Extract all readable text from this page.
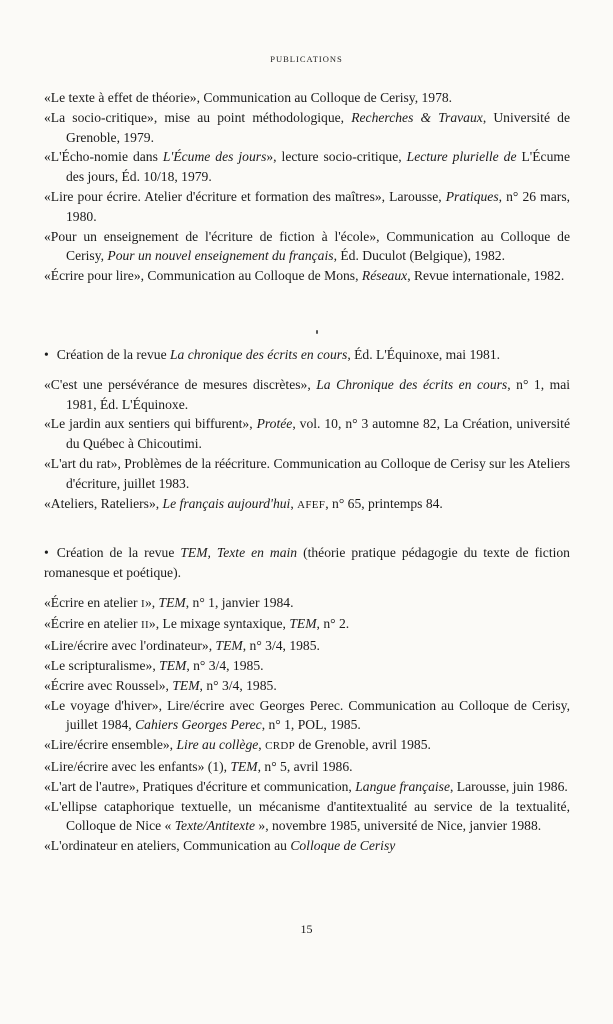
PUBLICATIONS

«Le texte à effet de théorie», Communication au Colloque de Cerisy, 1978.

«La socio-critique», mise au point méthodologique, Recherches & Travaux, Université de Grenoble, 1979.

«L'Écho-nomie dans L'Écume des jours», lecture socio-critique, Lecture plurielle de L'Écume des jours, Éd. 10/18, 1979.

«Lire pour écrire. Atelier d'écriture et formation des maîtres», Larousse, Pratiques, n° 26 mars, 1980.

«Pour un enseignement de l'écriture de fiction à l'école», Communication au Colloque de Cerisy, Pour un nouvel enseignement du français, Éd. Duculot (Belgique), 1982.

«Écrire pour lire», Communication au Colloque de Mons, Réseaux, Revue internationale, 1982.

• Création de la revue La chronique des écrits en cours, Éd. L'Équinoxe, mai 1981.

«C'est une persévérance de mesures discrètes», La Chronique des écrits en cours, n° 1, mai 1981, Éd. L'Équinoxe.

«Le jardin aux sentiers qui biffurent», Protée, vol. 10, n° 3 automne 82, La Création, université du Québec à Chicoutimi.

«L'art du rat», Problèmes de la réécriture. Communication au Colloque de Cerisy sur les Ateliers d'écriture, juillet 1983.

«Ateliers, Rateliers», Le français aujourd'hui, AFEF, n° 65, printemps 84.

• Création de la revue TEM, Texte en main (théorie pratique pédagogie du texte de fiction romanesque et poétique).

«Écrire en atelier I», TEM, n° 1, janvier 1984.

«Écrire en atelier II», Le mixage syntaxique, TEM, n° 2.

«Lire/écrire avec l'ordinateur», TEM, n° 3/4, 1985.

«Le scripturalisme», TEM, n° 3/4, 1985.

«Écrire avec Roussel», TEM, n° 3/4, 1985.

«Le voyage d'hiver», Lire/écrire avec Georges Perec. Communication au Colloque de Cerisy, juillet 1984, Cahiers Georges Perec, n° 1, POL, 1985.

«Lire/écrire ensemble», Lire au collège, CRDP de Grenoble, avril 1985.

«Lire/écrire avec les enfants» (1), TEM, n° 5, avril 1986.

«L'art de l'autre», Pratiques d'écriture et communication, Langue française, Larousse, juin 1986.

«L'ellipse cataphorique textuelle, un mécanisme d'antitextualité au service de la textualité, Colloque de Nice « Texte/Antitexte », novembre 1985, université de Nice, janvier 1988.

«L'ordinateur en ateliers, Communication au Colloque de Cerisy

15
